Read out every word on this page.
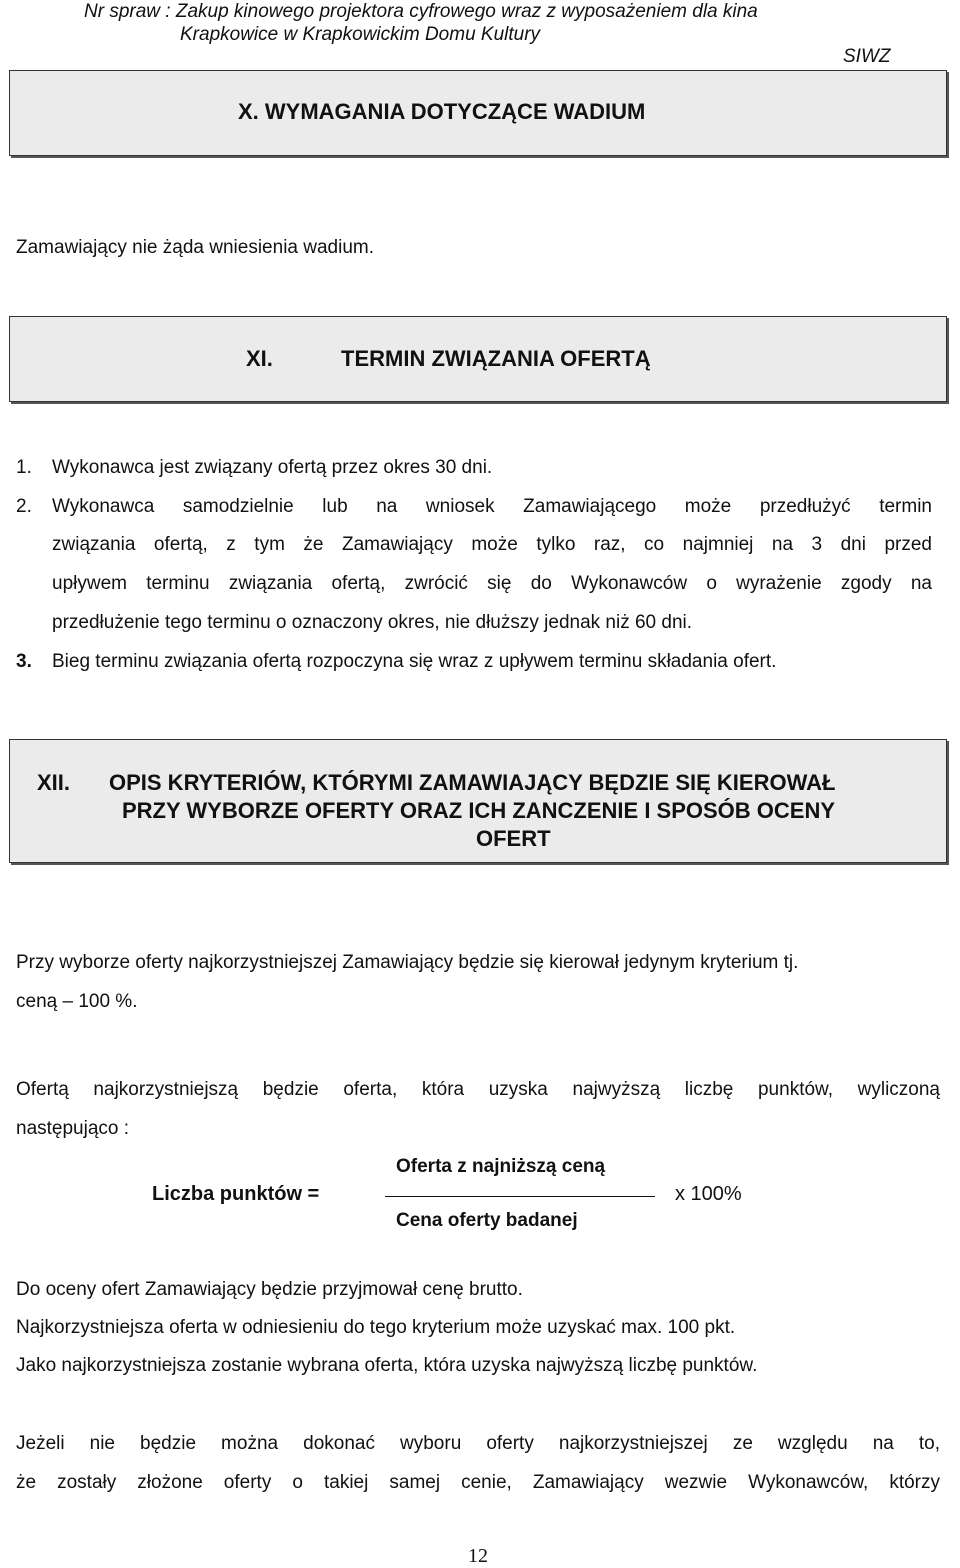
Nr spraw : Zakup kinowego projektora cyfrowego wraz z wyposażeniem dla kina
Krapkowice w Krapkowickim Domu Kultury
SIWZ
X. WYMAGANIA DOTYCZĄCE WADIUM
Zamawiający nie żąda wniesienia wadium.
XI.	TERMIN ZWIĄZANIA OFERTĄ
1. Wykonawca jest związany ofertą przez okres 30 dni.
2. Wykonawca samodzielnie lub na wniosek Zamawiającego może przedłużyć termin
związania ofertą, z tym że Zamawiający może tylko raz, co najmniej na 3 dni przed
upływem terminu związania ofertą, zwrócić się do Wykonawców o wyrażenie zgody na
przedłużenie tego terminu o oznaczony okres, nie dłuższy jednak niż 60 dni.
3. Bieg terminu związania ofertą rozpoczyna się wraz z upływem terminu składania ofert.
XII. OPIS KRYTERIÓW, KTÓRYMI ZAMAWIAJĄCY BĘDZIE SIĘ KIEROWAŁ
PRZY WYBORZE OFERTY ORAZ ICH ZANCZENIE I SPOSÓB OCENY
OFERT
Przy wyborze oferty najkorzystniejszej Zamawiający będzie się kierował jedynym kryterium tj.
ceną – 100 %.
Ofertą najkorzystniejszą będzie oferta, która uzyska najwyższą liczbę punktów, wyliczoną
następująco :
Oferta z najniższą ceną
Liczba punktów =	x 100%
Cena oferty badanej
Do oceny ofert Zamawiający będzie przyjmował cenę brutto.
Najkorzystniejsza oferta w odniesieniu do tego kryterium może uzyskać max. 100 pkt.
Jako najkorzystniejsza zostanie wybrana oferta, która uzyska najwyższą liczbę punktów.
Jeżeli nie będzie można dokonać wyboru oferty najkorzystniejszej ze względu na to,
że zostały złożone oferty o takiej samej cenie, Zamawiający wezwie Wykonawców, którzy
12
